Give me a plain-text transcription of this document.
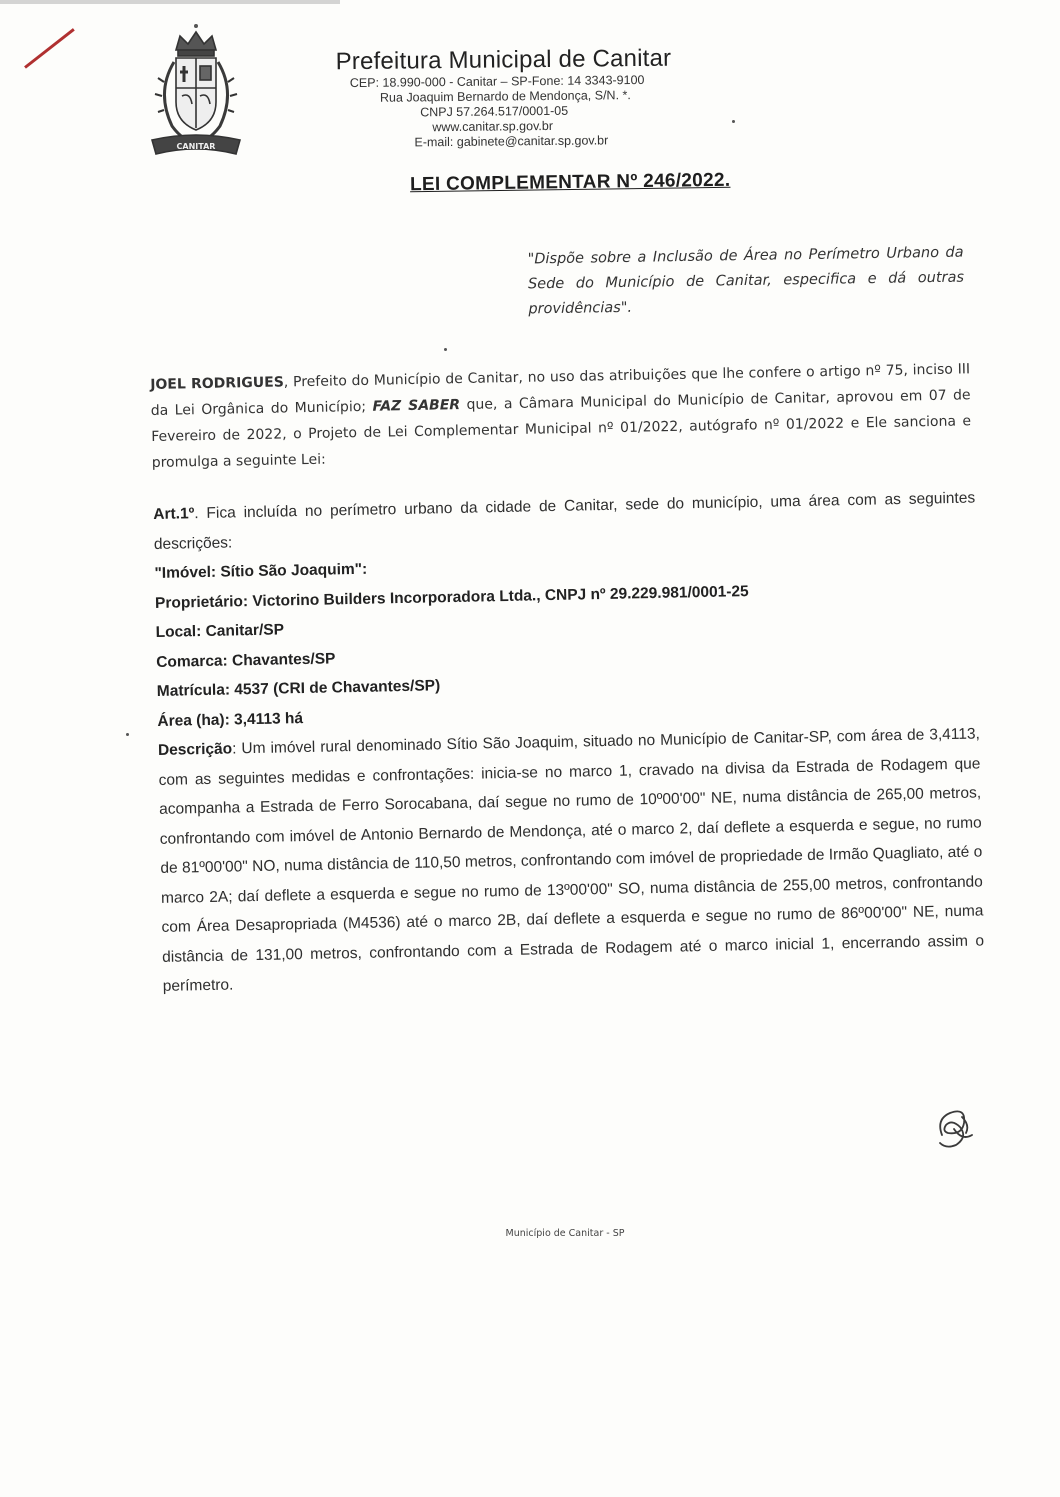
CANITAR
Prefeitura Municipal de Canitar
CEP: 18.990-000 - Canitar – SP-Fone: 14 3343-9100
Rua Joaquim Bernardo de Mendonça, S/N. *.
CNPJ 57.264.517/0001-05
www.canitar.sp.gov.br
E-mail: gabinete@canitar.sp.gov.br
LEI COMPLEMENTAR Nº 246/2022.
"Dispõe sobre a Inclusão de Área no Perímetro Urbano da Sede do Município de Canitar, especifica e dá outras providências".
JOEL RODRIGUES, Prefeito do Município de Canitar, no uso das atribuições que lhe confere o artigo nº 75, inciso III da Lei Orgânica do Município; FAZ SABER que, a Câmara Municipal do Município de Canitar, aprovou em 07 de Fevereiro de 2022, o Projeto de Lei Complementar Municipal nº 01/2022, autógrafo nº 01/2022 e Ele sanciona e promulga a seguinte Lei:

Art.1º. Fica incluída no perímetro urbano da cidade de Canitar, sede do município, uma área com as seguintes descrições:

"Imóvel: Sítio São Joaquim":

Proprietário: Victorino Builders Incorporadora Ltda., CNPJ nº 29.229.981/0001-25

Local: Canitar/SP

Comarca: Chavantes/SP

Matrícula: 4537 (CRI de Chavantes/SP)

Área (ha): 3,4113 há

Descrição: Um imóvel rural denominado Sítio São Joaquim, situado no Município de Canitar-SP, com área de 3,4113, com as seguintes medidas e confrontações: inicia-se no marco 1, cravado na divisa da Estrada de Rodagem que acompanha a Estrada de Ferro Sorocabana, daí segue no rumo de 10º00'00" NE, numa distância de 265,00 metros, confrontando com imóvel de Antonio Bernardo de Mendonça, até o marco 2, daí deflete a esquerda e segue, no rumo de 81º00'00" NO, numa distância de 110,50 metros, confrontando com imóvel de propriedade de Irmão Quagliato, até o marco 2A; daí deflete a esquerda e segue no rumo de 13º00'00" SO, numa distância de 255,00 metros, confrontando com Área Desapropriada (M4536) até o marco 2B, daí deflete a esquerda e segue no rumo de 86º00'00" NE, numa distância de 131,00 metros, confrontando com a Estrada de Rodagem até o marco inicial 1, encerrando assim o perímetro.

Município de Canitar - SP
